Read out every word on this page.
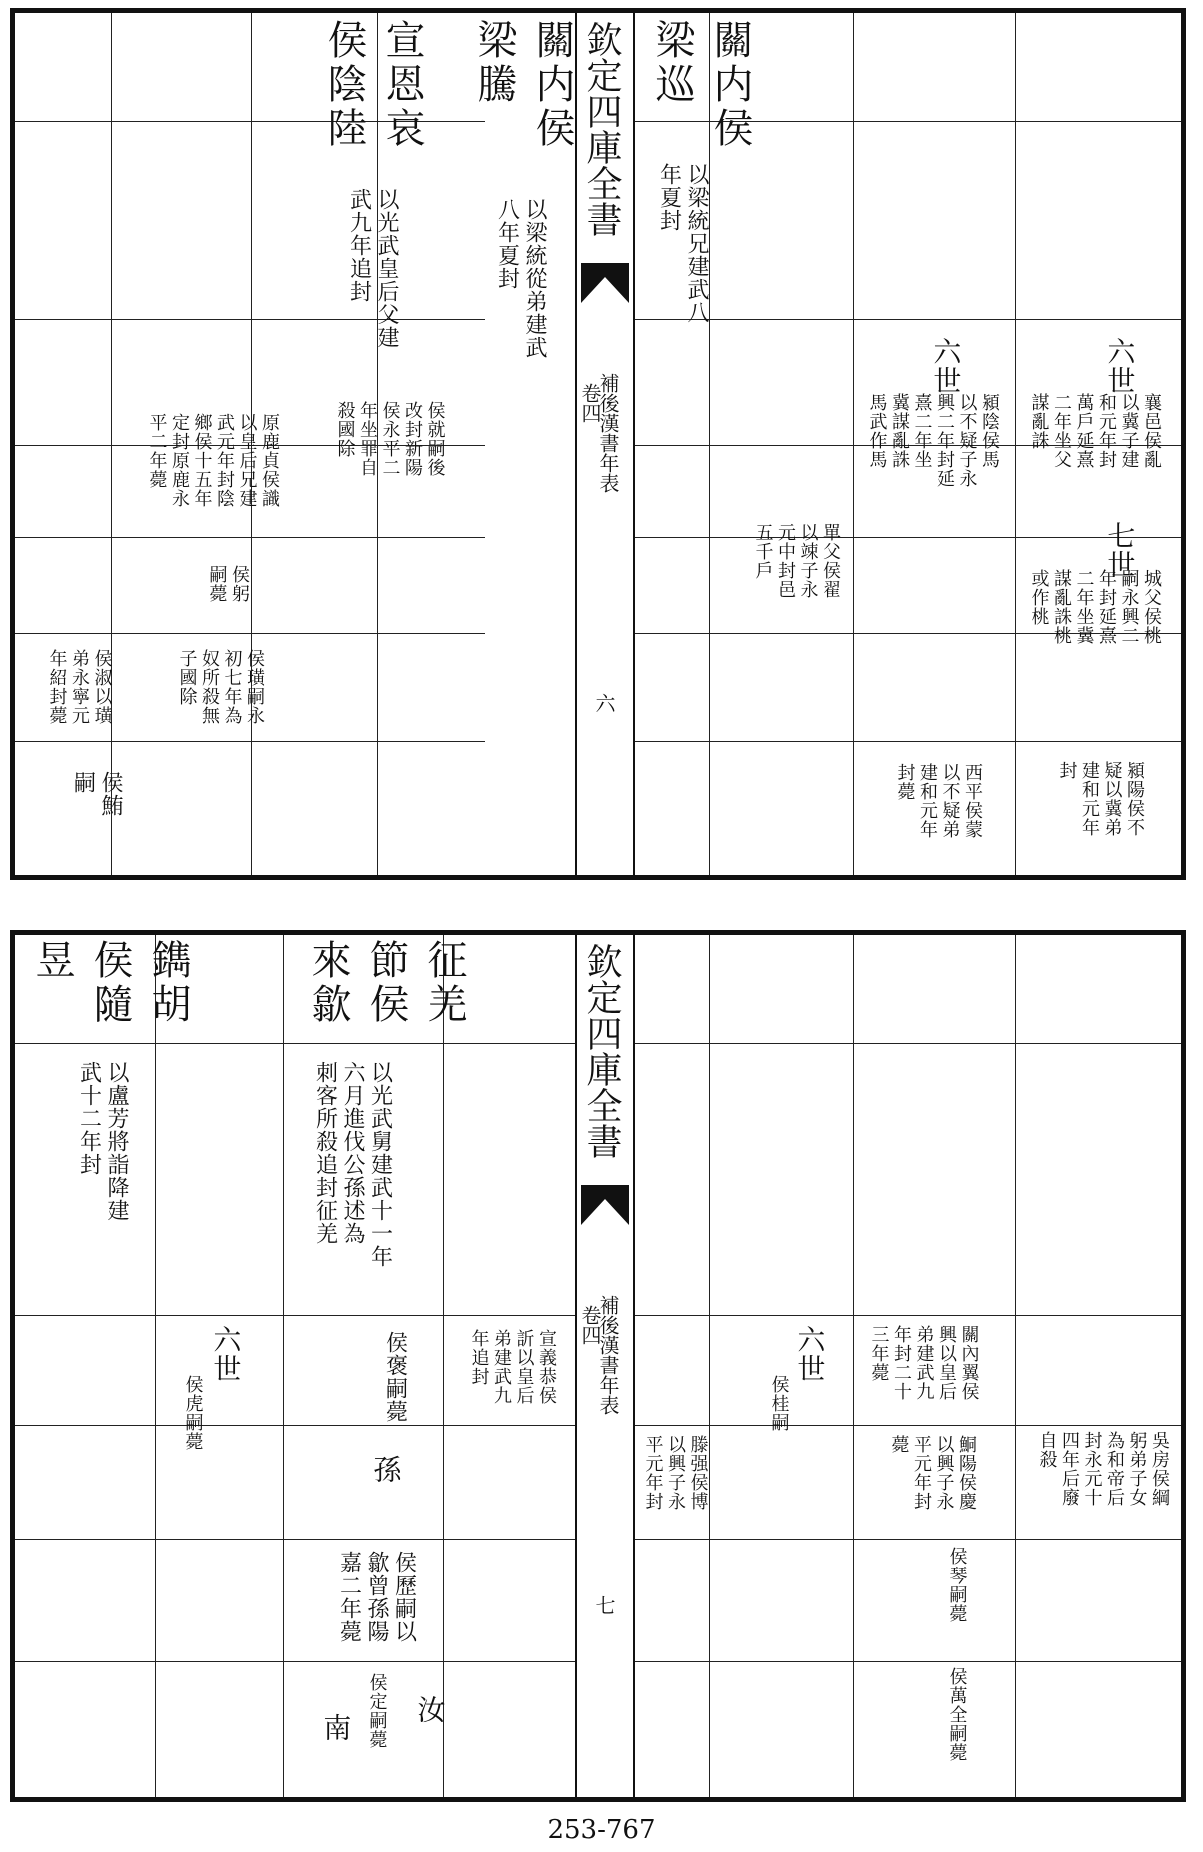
欽定四庫全書
補後漢書年表
卷四
六
關内侯
梁巡
以梁統兄建武八
年夏封
關内侯
梁騰
以梁統從弟建武
八年夏封
宣恩哀
侯陰陸
以光武皇后父建
武九年追封
侯就嗣後
改封新陽
侯永平二
年坐罪自
殺國除
原鹿貞侯識
以皇后兄建
武元年封陰
鄉侯十五年
定封原鹿永
平二年薨
侯躬
嗣薨
侯璜嗣永
初七年為
奴所殺無
子國除
侯淑以璜
弟永寧元
年紹封薨
侯鮪
嗣
單父侯翟
以竦子永
元中封邑
五千戶
六世
潁陰侯馬
以不疑子永
興二年封延
熹二年坐
冀謀亂誅
馬武作馬
西平侯蒙
以不疑弟
建和元年
封薨
六世
襄邑侯亂
以冀子建
和元年封
萬戶延熹
二年坐父
謀亂誅
七世
城父侯桃
嗣永興二
年封延熹
二年坐冀
謀亂誅桃
或作桃
潁陽侯不
疑以冀弟
建和元年
封
欽定四庫全書
補後漢書年表
卷四
七
征羌
節侯
來歙
以光武舅建武十一年
六月進伐公孫述為
刺客所殺追封征羌
侯褒嗣薨
孫
侯歷嗣以
歙曾孫陽
嘉二年薨
汝
侯定嗣薨
南
宣義恭侯
訢以皇后
弟建武九
年追封
鐫胡
侯隨
昱
以盧芳將詣降建
武十二年封
六世
侯虎嗣薨
滕强侯博
以興子永
平元年封
六世
侯桂嗣
關內翼侯
興以皇后
弟建武九
年封二十
三年薨
鮦陽侯慶
以興子永
平元年封
薨
侯琴嗣薨
侯萬全嗣薨
吳房侯綱
躬弟子女
為和帝后
封永元十
四年后廢
自殺
253-767
